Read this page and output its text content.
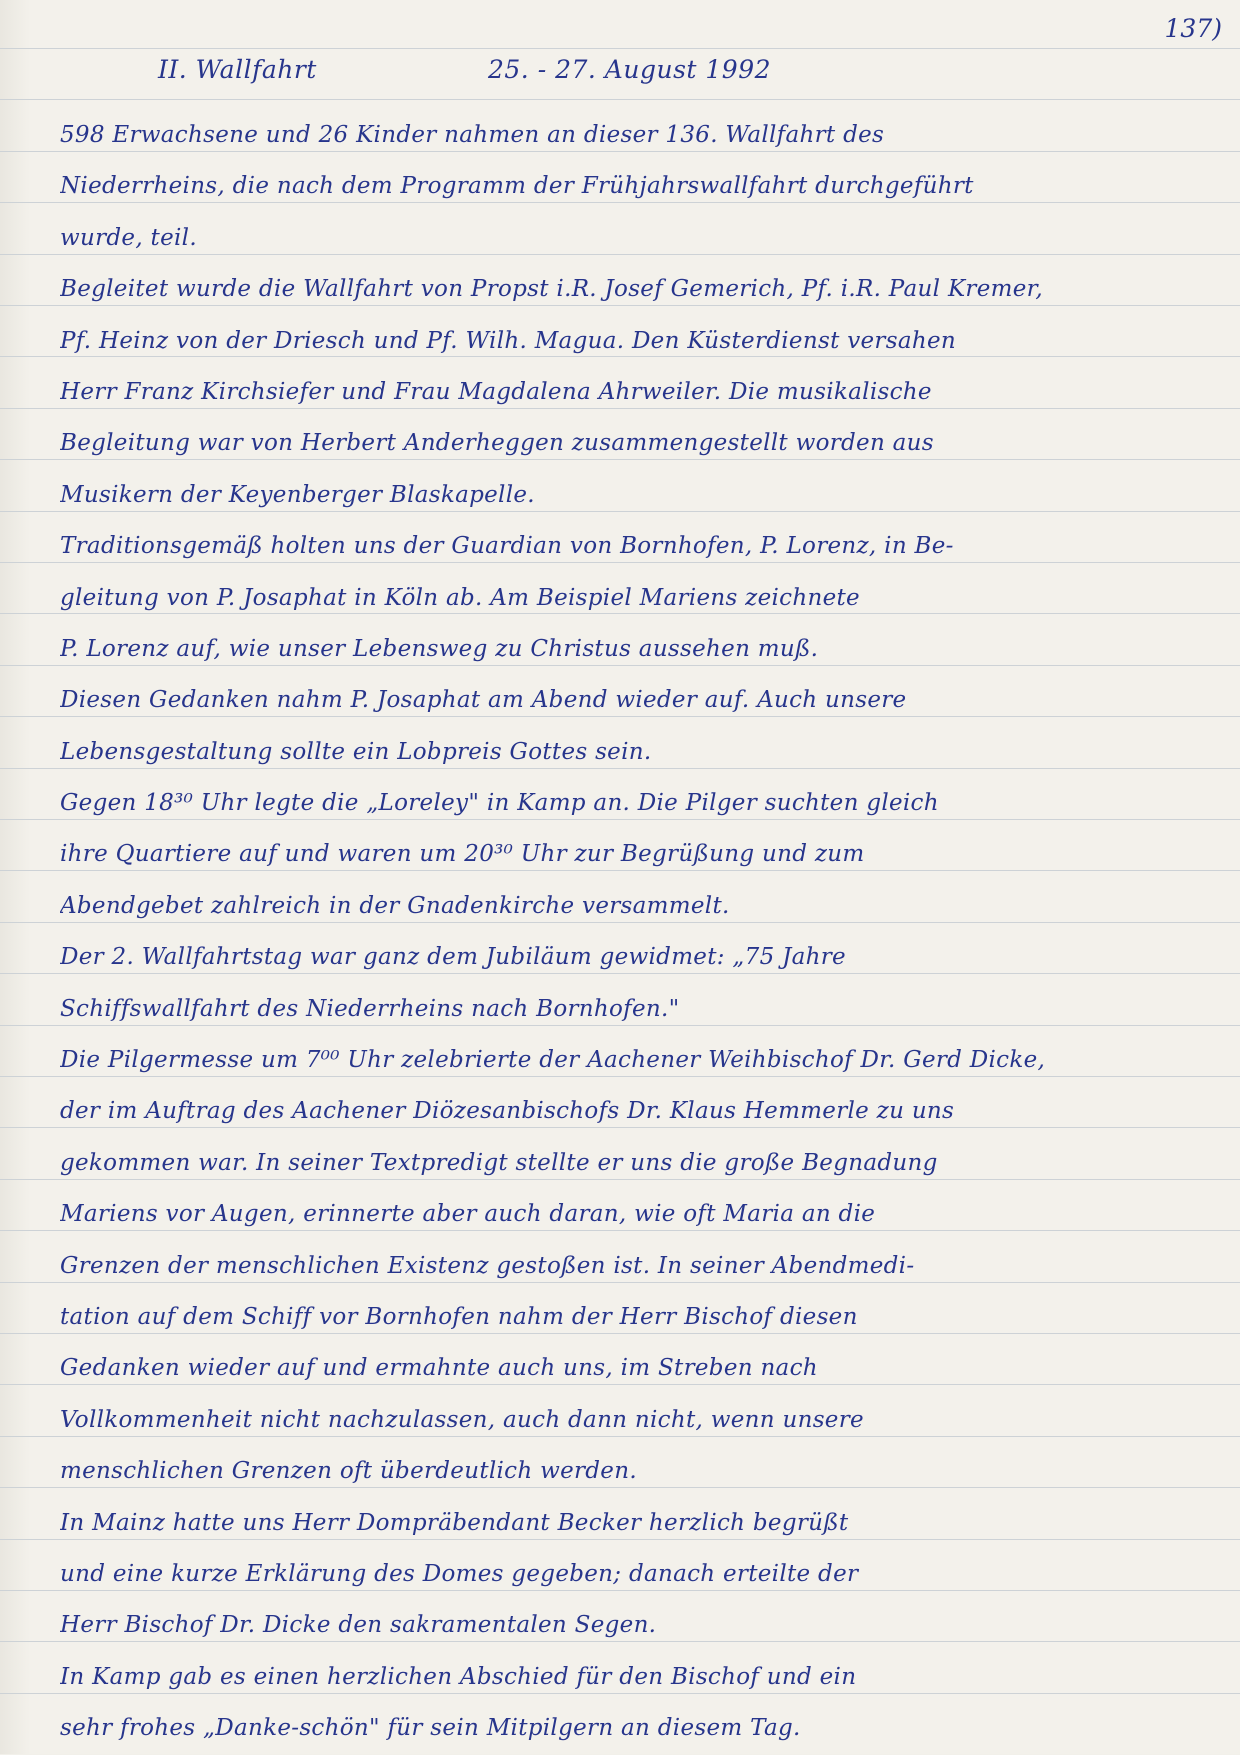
137)
II. Wallfahrt	25. - 27. August 1992
598 Erwachsene und 26 Kinder nahmen an dieser 136. Wallfahrt des
Niederrheins, die nach dem Programm der Frühjahrswallfahrt durchgeführt
wurde, teil.
Begleitet wurde die Wallfahrt von Propst i.R. Josef Gemerich, Pf. i.R. Paul Kremer,
Pf. Heinz von der Driesch und Pf. Wilh. Magua. Den Küsterdienst versahen
Herr Franz Kirchsiefer und Frau Magdalena Ahrweiler. Die musikalische
Begleitung war von Herbert Anderheggen zusammengestellt worden aus
Musikern der Keyenberger Blaskapelle.
Traditionsgemäß holten uns der Guardian von Bornhofen, P. Lorenz, in Be-
gleitung von P. Josaphat in Köln ab. Am Beispiel Mariens zeichnete
P. Lorenz auf, wie unser Lebensweg zu Christus aussehen muß.
Diesen Gedanken nahm P. Josaphat am Abend wieder auf. Auch unsere
Lebensgestaltung sollte ein Lobpreis Gottes sein.
Gegen 18³⁰ Uhr legte die „Loreley" in Kamp an. Die Pilger suchten gleich
ihre Quartiere auf und waren um 20³⁰ Uhr zur Begrüßung und zum
Abendgebet zahlreich in der Gnadenkirche versammelt.
Der 2. Wallfahrtstag war ganz dem Jubiläum gewidmet: „75 Jahre
Schiffswallfahrt des Niederrheins nach Bornhofen."
Die Pilgermesse um 7⁰⁰ Uhr zelebrierte der Aachener Weihbischof Dr. Gerd Dicke,
der im Auftrag des Aachener Diözesanbischofs Dr. Klaus Hemmerle zu uns
gekommen war. In seiner Textpredigt stellte er uns die große Begnadung
Mariens vor Augen, erinnerte aber auch daran, wie oft Maria an die
Grenzen der menschlichen Existenz gestoßen ist. In seiner Abendmedi-
tation auf dem Schiff vor Bornhofen nahm der Herr Bischof diesen
Gedanken wieder auf und ermahnte auch uns, im Streben nach
Vollkommenheit nicht nachzulassen, auch dann nicht, wenn unsere
menschlichen Grenzen oft überdeutlich werden.
In Mainz hatte uns Herr Dompräbendant Becker herzlich begrüßt
und eine kurze Erklärung des Domes gegeben; danach erteilte der
Herr Bischof Dr. Dicke den sakramentalen Segen.
In Kamp gab es einen herzlichen Abschied für den Bischof und ein
sehr frohes „Danke-schön" für sein Mitpilgern an diesem Tag.
